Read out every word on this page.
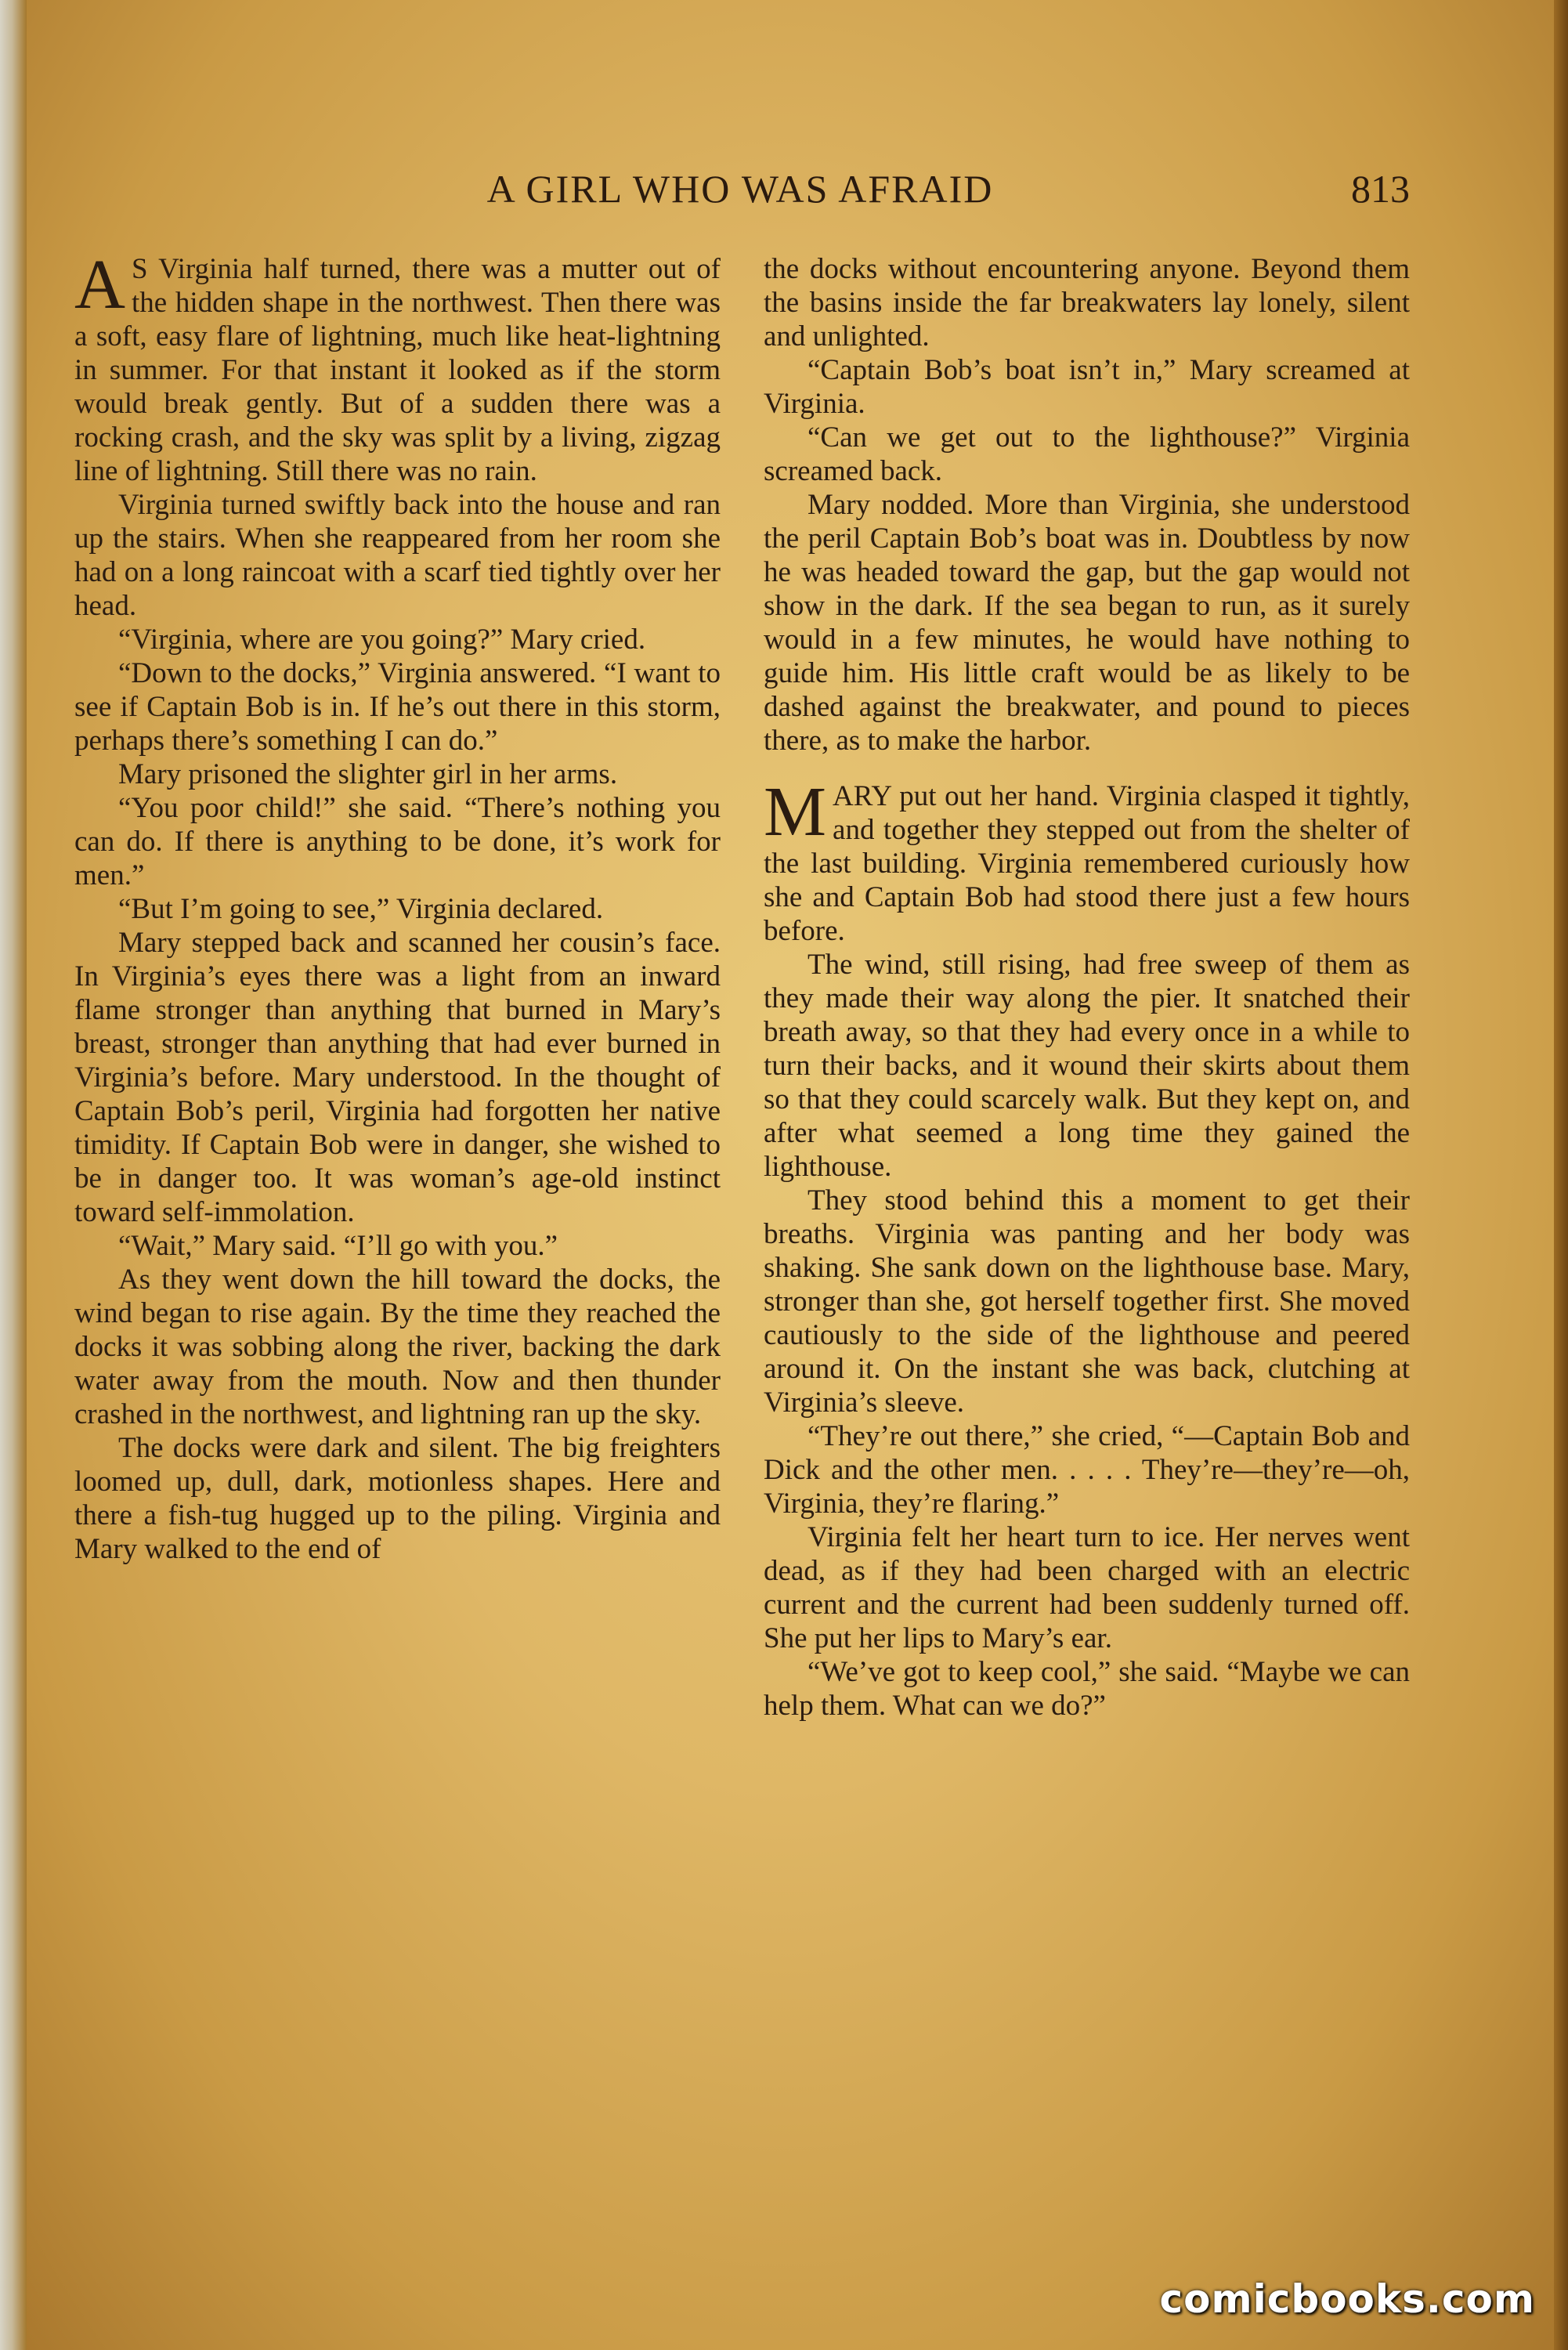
A GIRL WHO WAS AFRAID	813

A S Virginia half turned, there was a mutter out of the hidden shape in the northwest. Then there was a soft, easy flare of lightning, much like heat-lightning in summer. For that instant it looked as if the storm would break gently. But of a sudden there was a rocking crash, and the sky was split by a living, zigzag line of lightning. Still there was no rain.

Virginia turned swiftly back into the house and ran up the stairs. When she reappeared from her room she had on a long raincoat with a scarf tied tightly over her head.

“Virginia, where are you going?” Mary cried.

“Down to the docks,” Virginia answered. “I want to see if Captain Bob is in. If he’s out there in this storm, perhaps there’s something I can do.”

Mary prisoned the slighter girl in her arms.

“You poor child!” she said. “There’s nothing you can do. If there is anything to be done, it’s work for men.”

“But I’m going to see,” Virginia declared.

Mary stepped back and scanned her cousin’s face. In Virginia’s eyes there was a light from an inward flame stronger than anything that burned in Mary’s breast, stronger than anything that had ever burned in Virginia’s before. Mary understood. In the thought of Captain Bob’s peril, Virginia had forgotten her native timidity. If Captain Bob were in danger, she wished to be in danger too. It was woman’s age-old instinct toward self-immolation.

“Wait,” Mary said. “I’ll go with you.”

As they went down the hill toward the docks, the wind began to rise again. By the time they reached the docks it was sobbing along the river, backing the dark water away from the mouth. Now and then thunder crashed in the northwest, and lightning ran up the sky.

The docks were dark and silent. The big freighters loomed up, dull, dark, motionless shapes. Here and there a fish-tug hugged up to the piling. Virginia and Mary walked to the end of

the docks without encountering anyone. Beyond them the basins inside the far breakwaters lay lonely, silent and unlighted.

“Captain Bob’s boat isn’t in,” Mary screamed at Virginia.

“Can we get out to the lighthouse?” Virginia screamed back.

Mary nodded. More than Virginia, she understood the peril Captain Bob’s boat was in. Doubtless by now he was headed toward the gap, but the gap would not show in the dark. If the sea began to run, as it surely would in a few minutes, he would have nothing to guide him. His little craft would be as likely to be dashed against the breakwater, and pound to pieces there, as to make the harbor.

MARY put out her hand. Virginia clasped it tightly, and together they stepped out from the shelter of the last building. Virginia remembered curiously how she and Captain Bob had stood there just a few hours before.

The wind, still rising, had free sweep of them as they made their way along the pier. It snatched their breath away, so that they had every once in a while to turn their backs, and it wound their skirts about them so that they could scarcely walk. But they kept on, and after what seemed a long time they gained the lighthouse.

They stood behind this a moment to get their breaths. Virginia was panting and her body was shaking. She sank down on the lighthouse base. Mary, stronger than she, got herself together first. She moved cautiously to the side of the lighthouse and peered around it. On the instant she was back, clutching at Virginia’s sleeve.

“They’re out there,” she cried, “—Captain Bob and Dick and the other men. . . . . They’re—they’re—oh, Virginia, they’re flaring.”

Virginia felt her heart turn to ice. Her nerves went dead, as if they had been charged with an electric current and the current had been suddenly turned off. She put her lips to Mary’s ear.

“We’ve got to keep cool,” she said. “Maybe we can help them. What can we do?”

comicbooks.com
